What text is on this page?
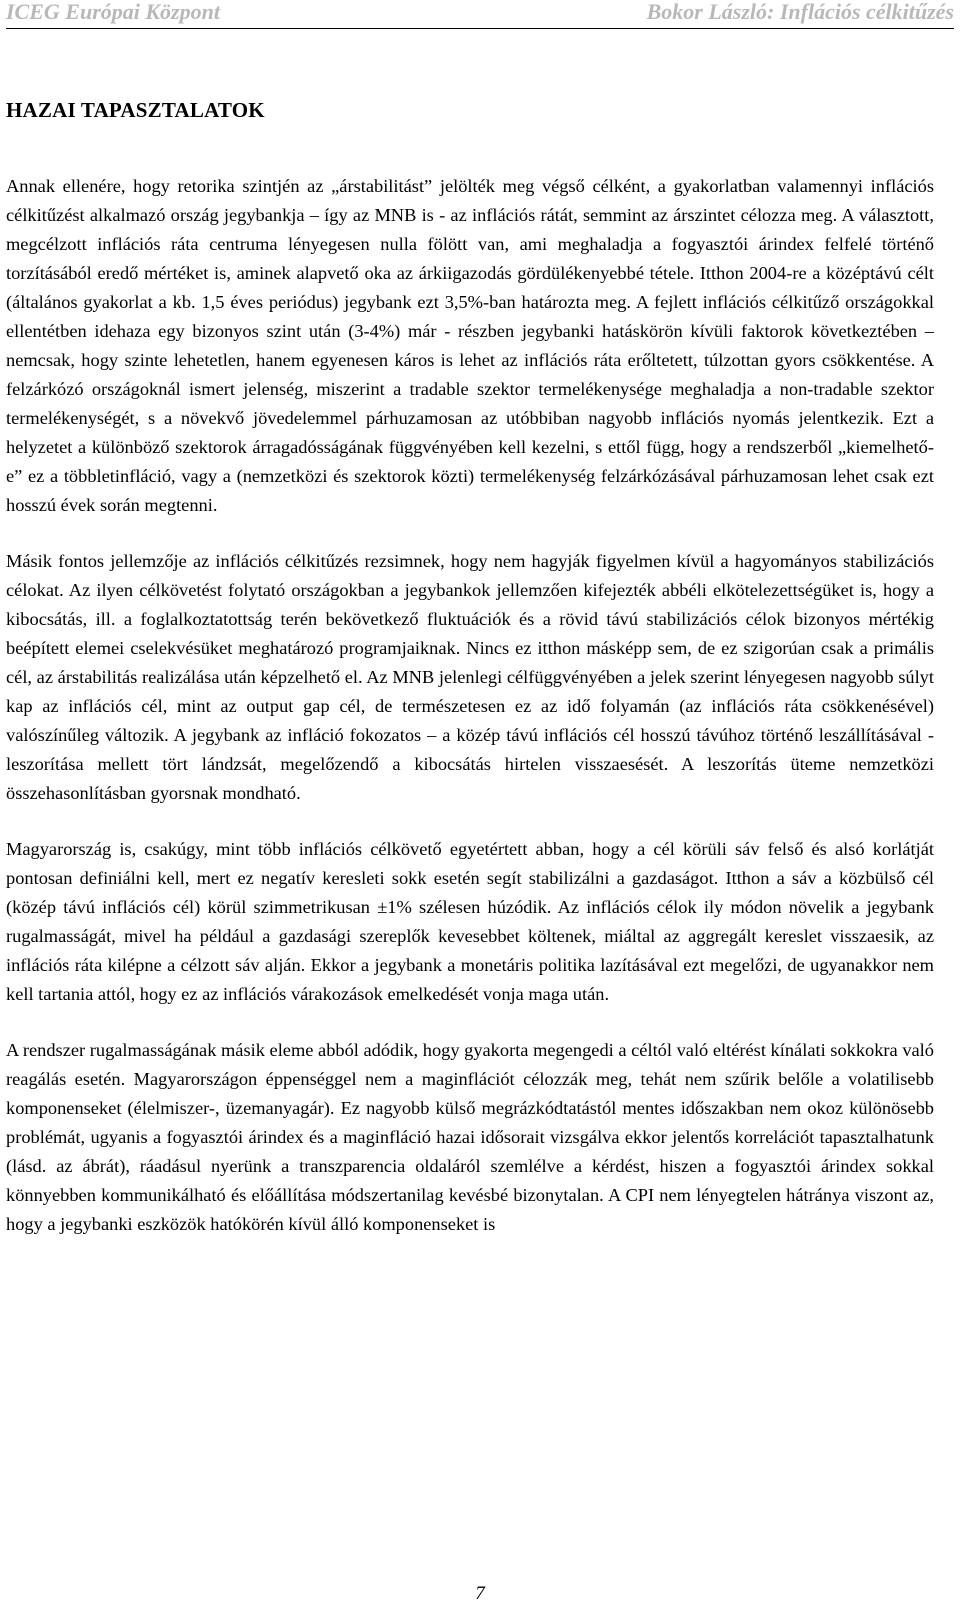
ICEG Európai Központ	Bokor László: Inflációs célkitűzés
HAZAI TAPASZTALATOK

Annak ellenére, hogy retorika szintjén az „árstabilitást” jelölték meg végső célként, a gyakorlatban valamennyi inflációs célkitűzést alkalmazó ország jegybankja – így az MNB is - az inflációs rátát, semmint az árszintet célozza meg. A választott, megcélzott inflációs ráta centruma lényegesen nulla fölött van, ami meghaladja a fogyasztói árindex felfelé történő torzításából eredő mértéket is, aminek alapvető oka az árkiigazodás gördülékenyebbé tétele. Itthon 2004-re a középtávú célt (általános gyakorlat a kb. 1,5 éves periódus) jegybank ezt 3,5%-ban határozta meg. A fejlett inflációs célkitűző országokkal ellentétben idehaza egy bizonyos szint után (3-4%) már - részben jegybanki hatáskörön kívüli faktorok következtében – nemcsak, hogy szinte lehetetlen, hanem egyenesen káros is lehet az inflációs ráta erőltetett, túlzottan gyors csökkentése. A felzárkózó országoknál ismert jelenség, miszerint a tradable szektor termelékenysége meghaladja a non-tradable szektor termelékenységét, s a növekvő jövedelemmel párhuzamosan az utóbbiban nagyobb inflációs nyomás jelentkezik. Ezt a helyzetet a különböző szektorok árragadósságának függvényében kell kezelni, s ettől függ, hogy a rendszerből „kiemelhető-e” ez a többletinfláció, vagy a (nemzetközi és szektorok közti) termelékenység felzárkózásával párhuzamosan lehet csak ezt hosszú évek során megtenni.

Másik fontos jellemzője az inflációs célkitűzés rezsimnek, hogy nem hagyják figyelmen kívül a hagyományos stabilizációs célokat. Az ilyen célkövetést folytató országokban a jegybankok jellemzően kifejezték abbéli elkötelezettségüket is, hogy a kibocsátás, ill. a foglalkoztatottság terén bekövetkező fluktuációk és a rövid távú stabilizációs célok bizonyos mértékig beépített elemei cselekvésüket meghatározó programjaiknak. Nincs ez itthon másképp sem, de ez szigorúan csak a primális cél, az árstabilitás realizálása után képzelhető el. Az MNB jelenlegi célfüggvényében a jelek szerint lényegesen nagyobb súlyt kap az inflációs cél, mint az output gap cél, de természetesen ez az idő folyamán (az inflációs ráta csökkenésével) valószínűleg változik. A jegybank az infláció fokozatos – a közép távú inflációs cél hosszú távúhoz történő leszállításával - leszorítása mellett tört lándzsát, megelőzendő a kibocsátás hirtelen visszaesését. A leszorítás üteme nemzetközi összehasonlításban gyorsnak mondható.

Magyarország is, csakúgy, mint több inflációs célkövető egyetértett abban, hogy a cél körüli sáv felső és alsó korlátját pontosan definiálni kell, mert ez negatív keresleti sokk esetén segít stabilizálni a gazdaságot. Itthon a sáv a közbülső cél (közép távú inflációs cél) körül szimmetrikusan ±1% szélesen húzódik. Az inflációs célok ily módon növelik a jegybank rugalmasságát, mivel ha például a gazdasági szereplők kevesebbet költenek, miáltal az aggregált kereslet visszaesik, az inflációs ráta kilépne a célzott sáv alján. Ekkor a jegybank a monetáris politika lazításával ezt megelőzi, de ugyanakkor nem kell tartania attól, hogy ez az inflációs várakozások emelkedését vonja maga után.

A rendszer rugalmasságának másik eleme abból adódik, hogy gyakorta megengedi a céltól való eltérést kínálati sokkokra való reagálás esetén. Magyarországon éppenséggel nem a maginflációt célozzák meg, tehát nem szűrik belőle a volatilisebb komponenseket (élelmiszer-, üzemanyagár). Ez nagyobb külső megrázkódtatástól mentes időszakban nem okoz különösebb problémát, ugyanis a fogyasztói árindex és a maginfláció hazai idősorait vizsgálva ekkor jelentős korrelációt tapasztalhatunk (lásd. az ábrát), ráadásul nyerünk a transzparencia oldaláról szemlélve a kérdést, hiszen a fogyasztói árindex sokkal könnyebben kommunikálható és előállítása módszertanilag kevésbé bizonytalan. A CPI nem lényegtelen hátránya viszont az, hogy a jegybanki eszközök hatókörén kívül álló komponenseket is

7
